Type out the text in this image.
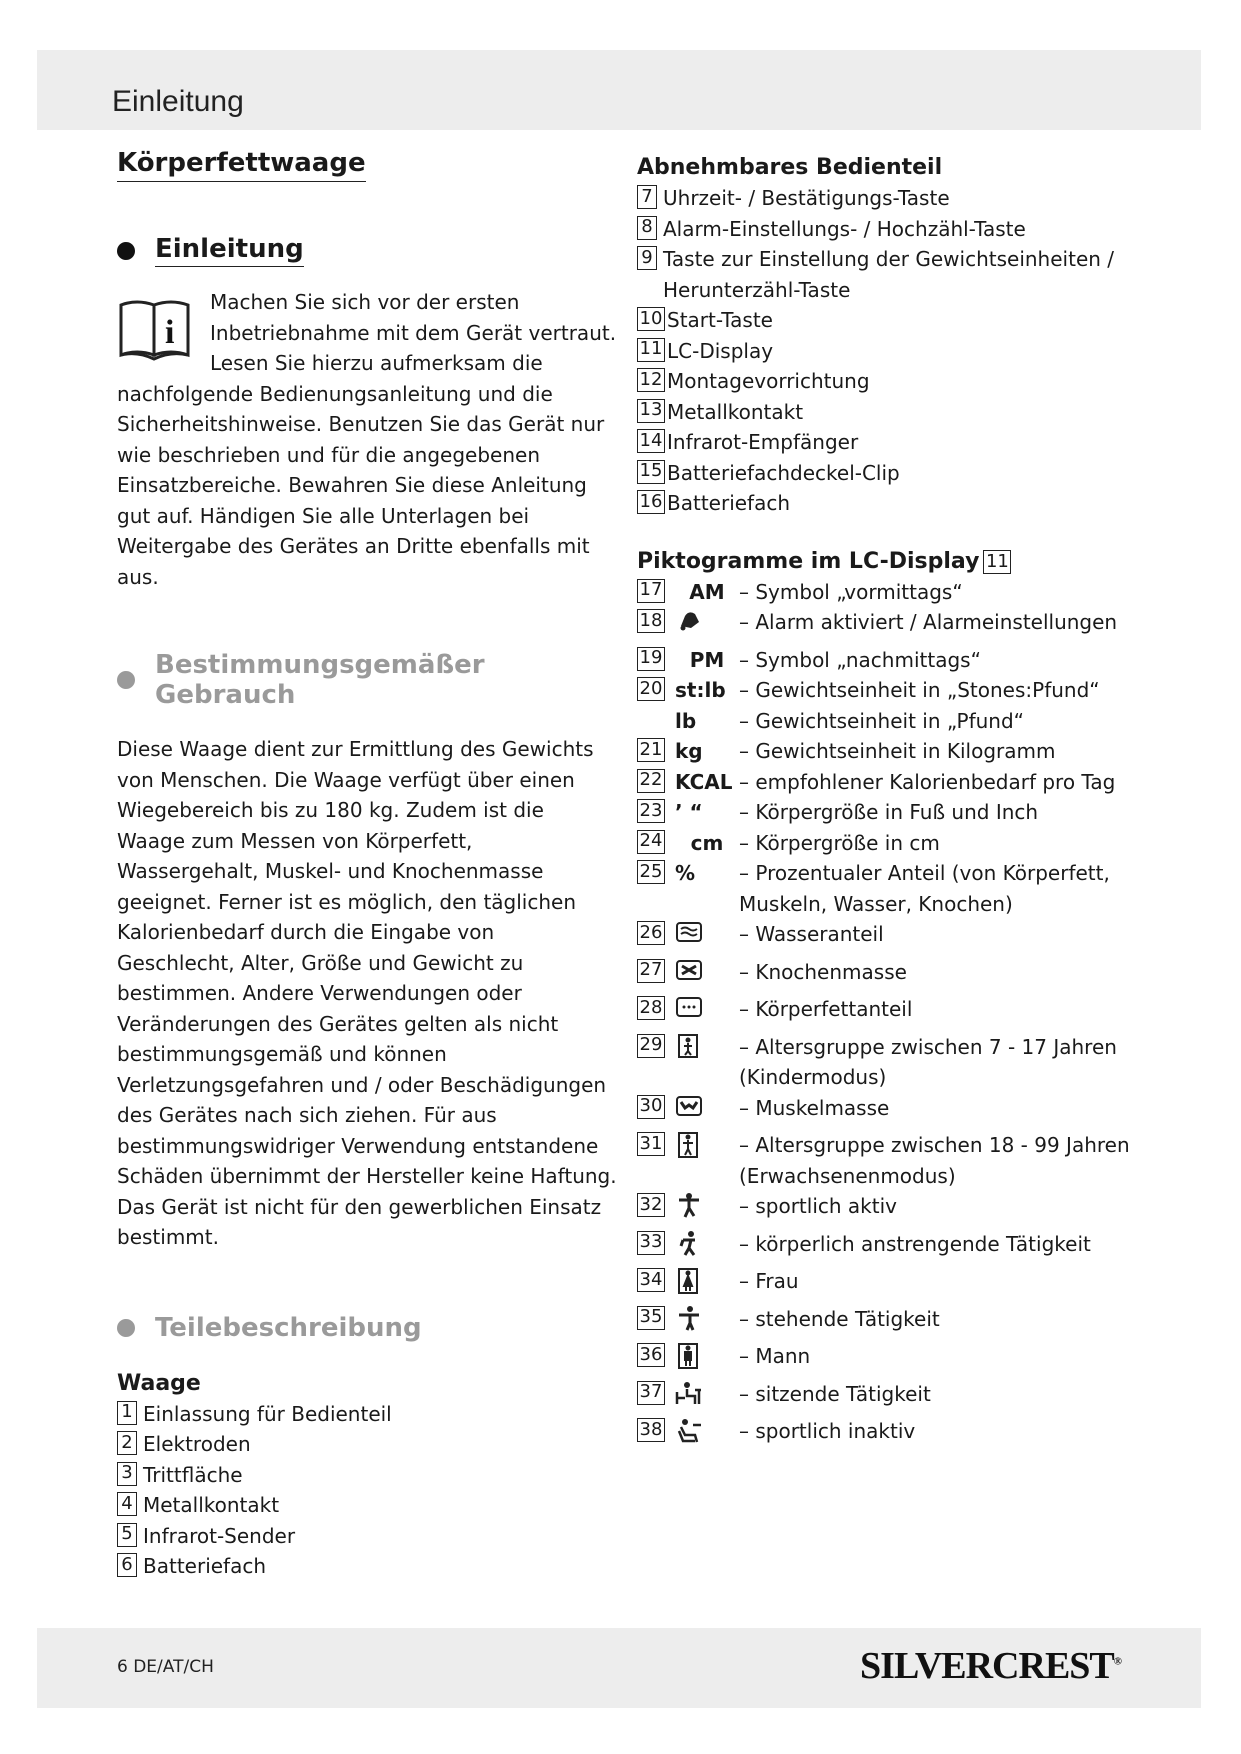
Einleitung
Körperfettwaage
Einleitung
i
Machen Sie sich vor der ersten Inbetriebnahme mit dem Gerät vertraut. Lesen Sie hierzu aufmerksam die nachfolgende Bedienungsanleitung und die Sicherheitshinweise. Benutzen Sie das Gerät nur wie beschrieben und für die angegebenen Einsatzbereiche. Bewahren Sie diese Anleitung gut auf. Händigen Sie alle Unterlagen bei Weitergabe des Gerätes an Dritte ebenfalls mit aus.
Bestimmungsgemäßer Gebrauch
Diese Waage dient zur Ermittlung des Gewichts von Menschen. Die Waage verfügt über einen Wiegebereich bis zu 180 kg. Zudem ist die Waage zum Messen von Körperfett, Wassergehalt, Muskel- und Knochenmasse geeignet. Ferner ist es möglich, den täglichen Kalorienbedarf durch die Eingabe von Geschlecht, Alter, Größe und Gewicht zu bestimmen. Andere Verwendungen oder Veränderungen des Gerätes gelten als nicht bestimmungsgemäß und können Verletzungsgefahren und / oder Beschädigungen des Gerätes nach sich ziehen. Für aus bestimmungswidriger Verwendung entstandene Schäden übernimmt der Hersteller keine Haftung. Das Gerät ist nicht für den gewerblichen Einsatz bestimmt.
Teilebeschreibung
Waage
1 Einlassung für Bedienteil
2 Elektroden
3 Trittfläche
4 Metallkontakt
5 Infrarot-Sender
6 Batteriefach
Abnehmbares Bedienteil
7 Uhrzeit- / Bestätigungs-Taste
8 Alarm-Einstellungs- / Hochzähl-Taste
9 Taste zur Einstellung der Gewichtseinheiten / Herunterzähl-Taste
10 Start-Taste
11 LC-Display
12 Montagevorrichtung
13 Metallkontakt
14 Infrarot-Empfänger
15 Batteriefachdeckel-Clip
16 Batteriefach
Piktogramme im LC-Display 11
17	AM – Symbol „vormittags“
18	– Alarm aktiviert / Alarmeinstellungen
19	PM – Symbol „nachmittags“
20 st:lb – Gewichtseinheit in „Stones:Pfund“
lb	– Gewichtseinheit in „Pfund“
21 kg	– Gewichtseinheit in Kilogramm
22 KCAL – empfohlener Kalorienbedarf pro Tag
23 ’ “	– Körpergröße in Fuß und Inch
24	cm – Körpergröße in cm
25 %	– Prozentualer Anteil (von Körperfett, Muskeln, Wasser, Knochen)
26	– Wasseranteil
27	– Knochenmasse
28	– Körperfettanteil
29	– Altersgruppe zwischen 7 - 17 Jahren (Kindermodus)
30	– Muskelmasse
31	– Altersgruppe zwischen 18 - 99 Jahren (Erwachsenenmodus)
32	– sportlich aktiv
33	– körperlich anstrengende Tätigkeit
34	– Frau
35	– stehende Tätigkeit
36	– Mann
37	– sitzende Tätigkeit
38	– sportlich inaktiv
6 DE/AT/CH	SILVERCREST®
